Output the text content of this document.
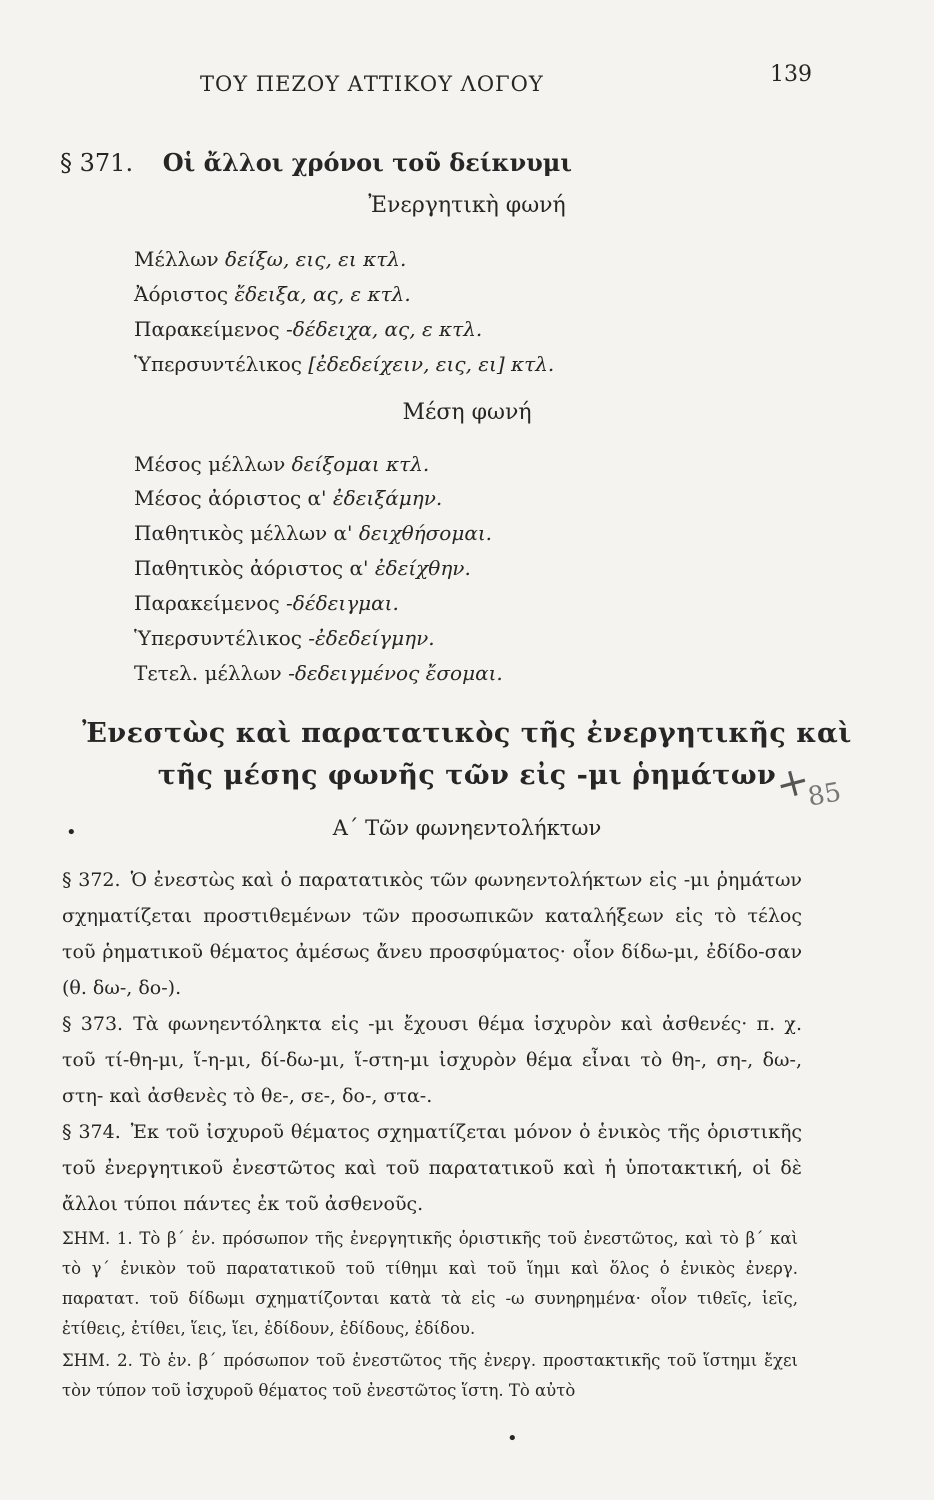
ΤΟΥ ΠΕΖΟΥ ΑΤΤΙΚΟΥ ΛΟΓΟΥ	139
§ 371. Οἱ ἄλλοι χρόνοι τοῦ δείκνυμι
Ἐνεργητικὴ φωνή
Μέλλων δείξω, εις, ει κτλ.
Ἀόριστος ἔδειξα, ας, ε κτλ.
Παρακείμενος -δέδειχα, ας, ε κτλ.
Ὑπερσυντέλικος [ἐδεδείχειν, εις, ει] κτλ.
Μέση φωνή
Μέσος μέλλων δείξομαι κτλ.
Μέσος ἀόριστος α' ἐδειξάμην.
Παθητικὸς μέλλων α' δειχθήσομαι.
Παθητικὸς ἀόριστος α' ἐδείχθην.
Παρακείμενος -δέδειγμαι.
Ὑπερσυντέλικος -ἐδεδείγμην.
Τετελ. μέλλων -δεδειγμένος ἔσομαι.
Ἐνεστὼς καὶ παρατατικὸς τῆς ἐνεργητικῆς καὶ
τῆς μέσης φωνῆς τῶν εἰς -μι ῥημάτων
+
85
•	Α΄ Τῶν φωνηεντολήκτων
§ 372. Ὁ ἐνεστὼς καὶ ὁ παρατατικὸς τῶν φωνηεντολήκτων εἰς -μι ῥημάτων σχηματίζεται προστιθεμένων τῶν προσωπικῶν καταλήξεων εἰς τὸ τέλος τοῦ ῥηματικοῦ θέματος ἀμέσως ἄνευ προσφύματος· οἷον δίδω-μι, ἐδίδο-σαν (θ. δω-, δο-).
§ 373. Τὰ φωνηεντόληκτα εἰς -μι ἔχουσι θέμα ἰσχυρὸν καὶ ἀσθενές· π. χ. τοῦ τί-θη-μι, ἵ-η-μι, δί-δω-μι, ἵ-στη-μι ἰσχυρὸν θέμα εἶναι τὸ θη-, ση-, δω-, στη- καὶ ἀσθενὲς τὸ θε-, σε-, δο-, στα-.
§ 374. Ἐκ τοῦ ἰσχυροῦ θέματος σχηματίζεται μόνον ὁ ἑνικὸς τῆς ὁριστικῆς τοῦ ἐνεργητικοῦ ἐνεστῶτος καὶ τοῦ παρατατικοῦ καὶ ἡ ὑποτακτική, οἱ δὲ ἄλλοι τύποι πάντες ἐκ τοῦ ἀσθενοῦς.
ΣΗΜ. 1. Τὸ β΄ ἑν. πρόσωπον τῆς ἐνεργητικῆς ὁριστικῆς τοῦ ἐνεστῶτος, καὶ τὸ β΄ καὶ τὸ γ΄ ἑνικὸν τοῦ παρατατικοῦ τοῦ τίθημι καὶ τοῦ ἵημι καὶ ὅλος ὁ ἑνικὸς ἐνεργ. παρατατ. τοῦ δίδωμι σχηματίζονται κατὰ τὰ εἰς -ω συνηρημένα· οἷον τιθεῖς, ἱεῖς, ἐτίθεις, ἐτίθει, ἵεις, ἵει, ἐδίδουν, ἐδίδους, ἐδίδου.
ΣΗΜ. 2. Τὸ ἑν. β΄ πρόσωπον τοῦ ἐνεστῶτος τῆς ἐνεργ. προστακτικῆς τοῦ ἵστημι ἔχει τὸν τύπον τοῦ ἰσχυροῦ θέματος τοῦ ἐνεστῶτος ἵστη. Τὸ αὐτὸ
•
